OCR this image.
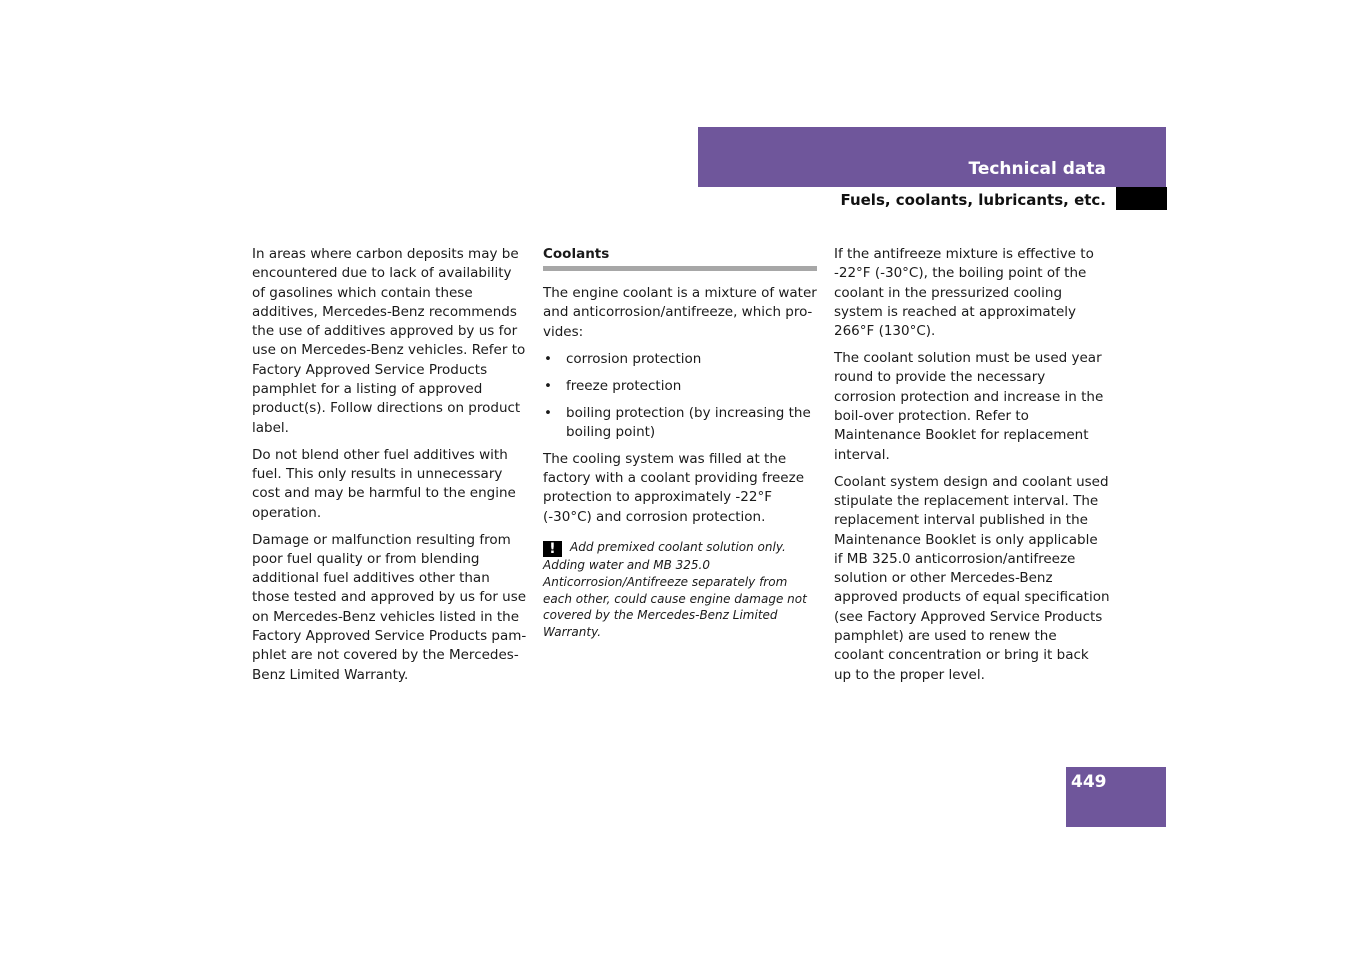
Technical data
Fuels, coolants, lubricants, etc.

In areas where carbon deposits may be encountered due to lack of availability of gasolines which contain these additives, Mercedes-Benz recommends the use of additives approved by us for use on Mercedes-Benz vehicles. Refer to Factory Approved Service Products pamphlet for a listing of approved product(s). Follow directions on product label.

Do not blend other fuel additives with fuel. This only results in unnecessary cost and may be harmful to the engine operation.

Damage or malfunction resulting from poor fuel quality or from blending additional fuel additives other than those tested and approved by us for use on Mercedes-Benz vehicles listed in the Factory Approved Service Products pamphlet are not covered by the Mercedes-Benz Limited Warranty.

Coolants

The engine coolant is a mixture of water and anticorrosion/antifreeze, which provides:

• corrosion protection
• freeze protection
• boiling protection (by increasing the boiling point)

The cooling system was filled at the factory with a coolant providing freeze protection to approximately -22°F (-30°C) and corrosion protection.

! Add premixed coolant solution only. Adding water and MB 325.0 Anticorrosion/Antifreeze separately from each other, could cause engine damage not covered by the Mercedes-Benz Limited Warranty.

If the antifreeze mixture is effective to -22°F (-30°C), the boiling point of the coolant in the pressurized cooling system is reached at approximately 266°F (130°C).

The coolant solution must be used year round to provide the necessary corrosion protection and increase in the boil-over protection. Refer to Maintenance Booklet for replacement interval.

Coolant system design and coolant used stipulate the replacement interval. The replacement interval published in the Maintenance Booklet is only applicable if MB 325.0 anticorrosion/antifreeze solution or other Mercedes-Benz approved products of equal specification (see Factory Approved Service Products pamphlet) are used to renew the coolant concentration or bring it back up to the proper level.

449
